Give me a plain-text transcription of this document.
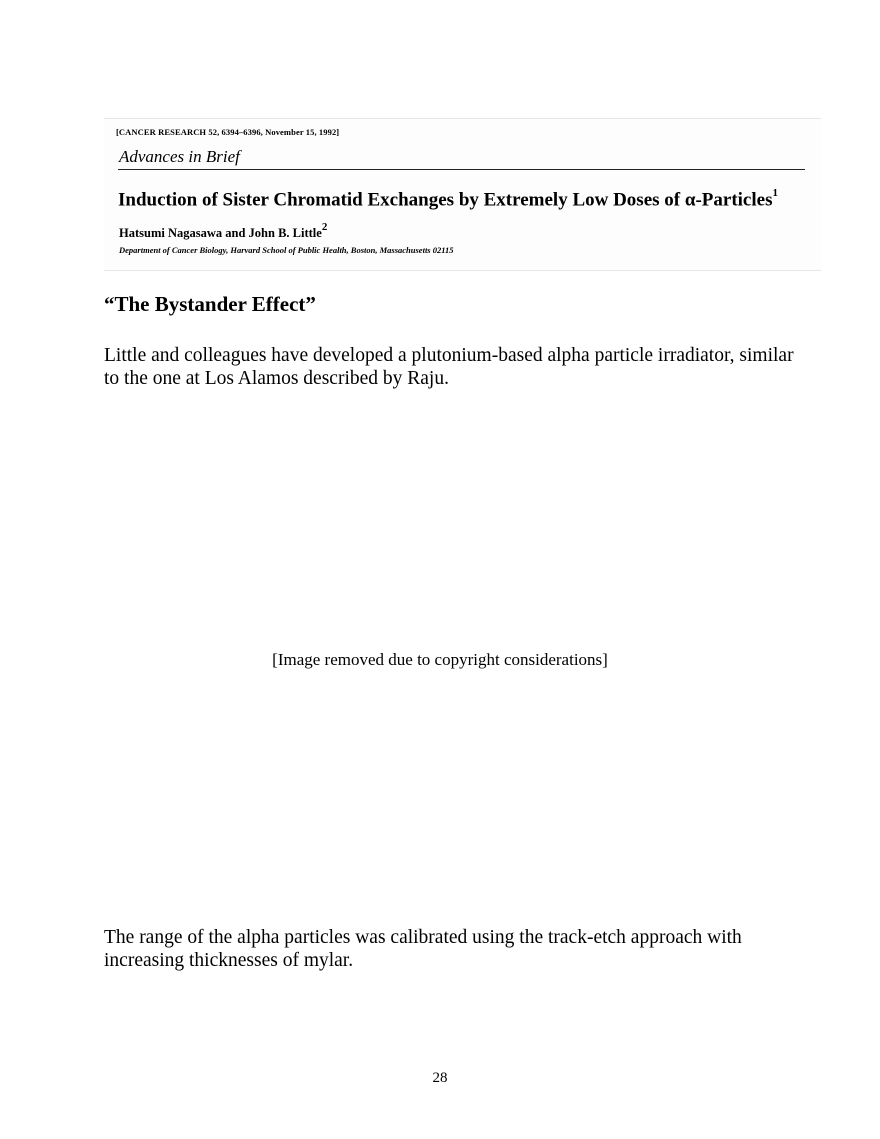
[CANCER RESEARCH 52, 6394–6396, November 15, 1992]
Advances in Brief
Induction of Sister Chromatid Exchanges by Extremely Low Doses of α-Particles$^1$
Hatsumi Nagasawa and John B. Little$^2$
Department of Cancer Biology, Harvard School of Public Health, Boston, Massachusetts 02115
“The Bystander Effect”
Little and colleagues have developed a plutonium-based alpha particle irradiator, similar to the one at Los Alamos described by Raju.
[Image removed due to copyright considerations]
The range of the alpha particles was calibrated using the track-etch approach with increasing thicknesses of mylar.
28
